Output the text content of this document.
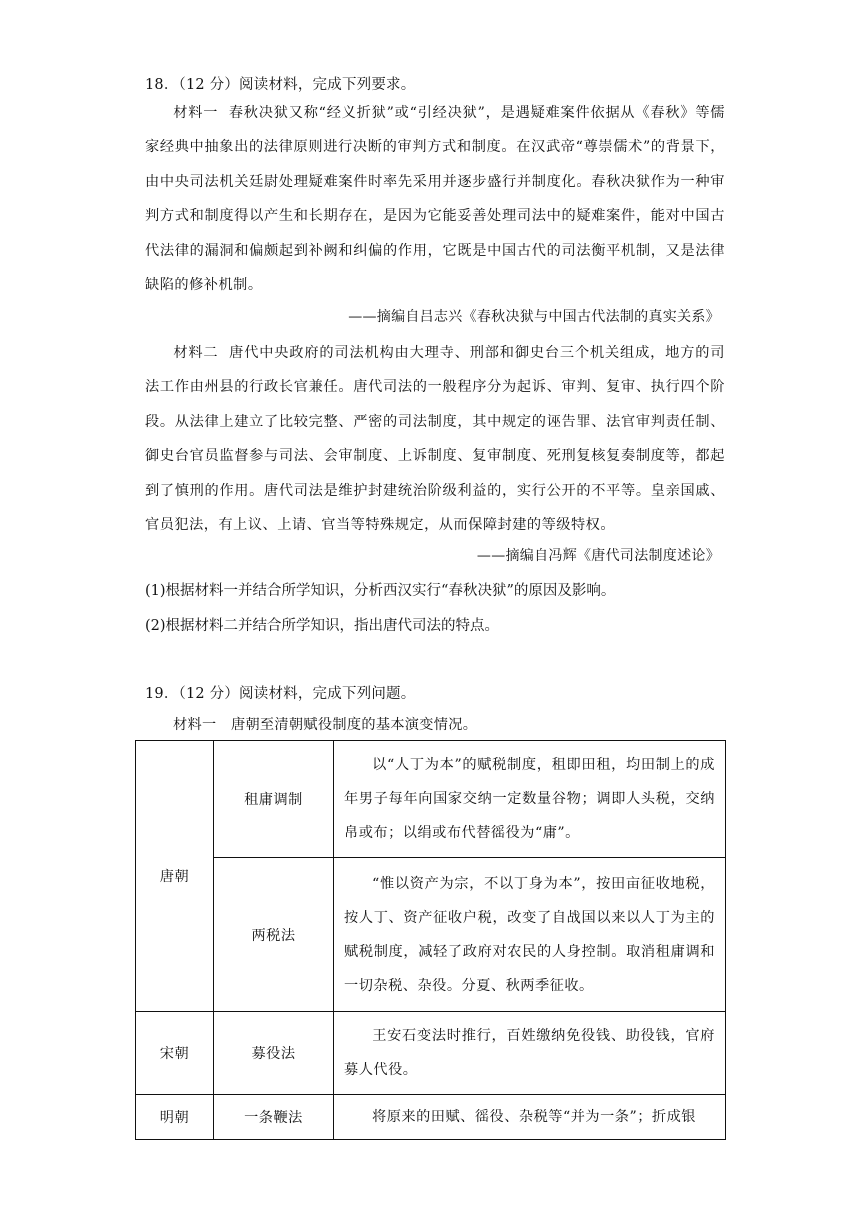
18．（12 分）阅读材料，完成下列要求。
材料一 春秋决狱又称“经义折狱”或“引经决狱”，是遇疑难案件依据从《春秋》等儒家经典中抽象出的法律原则进行决断的审判方式和制度。在汉武帝“尊崇儒术”的背景下，由中央司法机关廷尉处理疑难案件时率先采用并逐步盛行并制度化。春秋决狱作为一种审判方式和制度得以产生和长期存在，是因为它能妥善处理司法中的疑难案件，能对中国古代法律的漏洞和偏颇起到补阙和纠偏的作用，它既是中国古代的司法衡平机制，又是法律缺陷的修补机制。
——摘编自吕志兴《春秋决狱与中国古代法制的真实关系》
材料二 唐代中央政府的司法机构由大理寺、刑部和御史台三个机关组成，地方的司法工作由州县的行政长官兼任。唐代司法的一般程序分为起诉、审判、复审、执行四个阶段。从法律上建立了比较完整、严密的司法制度，其中规定的诬告罪、法官审判责任制、御史台官员监督参与司法、会审制度、上诉制度、复审制度、死刑复核复奏制度等，都起到了慎刑的作用。唐代司法是维护封建统治阶级利益的，实行公开的不平等。皇亲国戚、官员犯法，有上议、上请、官当等特殊规定，从而保障封建的等级特权。
——摘编自冯辉《唐代司法制度述论》
(1)根据材料一并结合所学知识，分析西汉实行“春秋决狱”的原因及影响。
(2)根据材料二并结合所学知识，指出唐代司法的特点。
19．（12 分）阅读材料，完成下列问题。
材料一　唐朝至清朝赋役制度的基本演变情况。
唐朝	租庸调制	以“人丁为本”的赋税制度，租即田租，均田制上的成年男子每年向国家交纳一定数量谷物；调即人头税，交纳帛或布；以绢或布代替徭役为“庸”。
	两税法	“惟以资产为宗，不以丁身为本”，按田亩征收地税，按人丁、资产征收户税，改变了自战国以来以人丁为主的赋税制度，减轻了政府对农民的人身控制。取消租庸调和一切杂税、杂役。分夏、秋两季征收。
宋朝	募役法	王安石变法时推行，百姓缴纳免役钱、助役钱，官府募人代役。
明朝	一条鞭法	将原来的田赋、徭役、杂税等“并为一条”；折成银
